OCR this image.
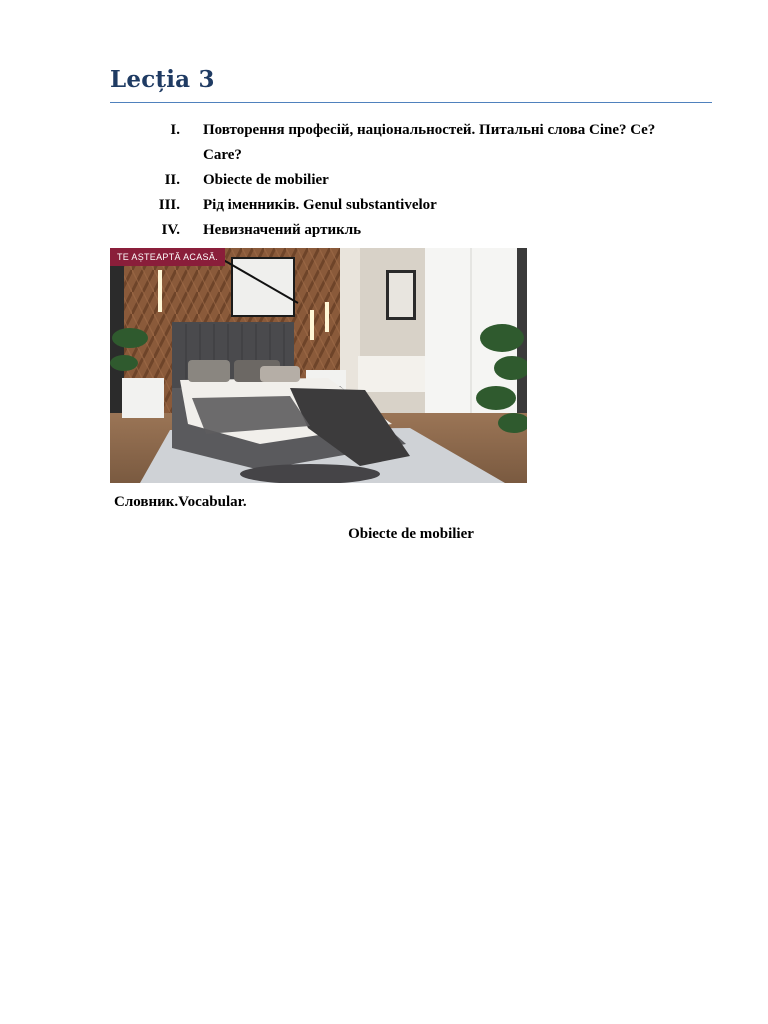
Lecția 3
I. Повторення професій, національностей. Питальні слова Cine? Ce? Care?
II. Obiecte de mobilier
III. Рід іменників. Genul substantivelor
IV. Невизначений артикль
TE AȘTEAPTĂ ACASĂ.
Словник.Vocabular.
Obiecte de mobilier
